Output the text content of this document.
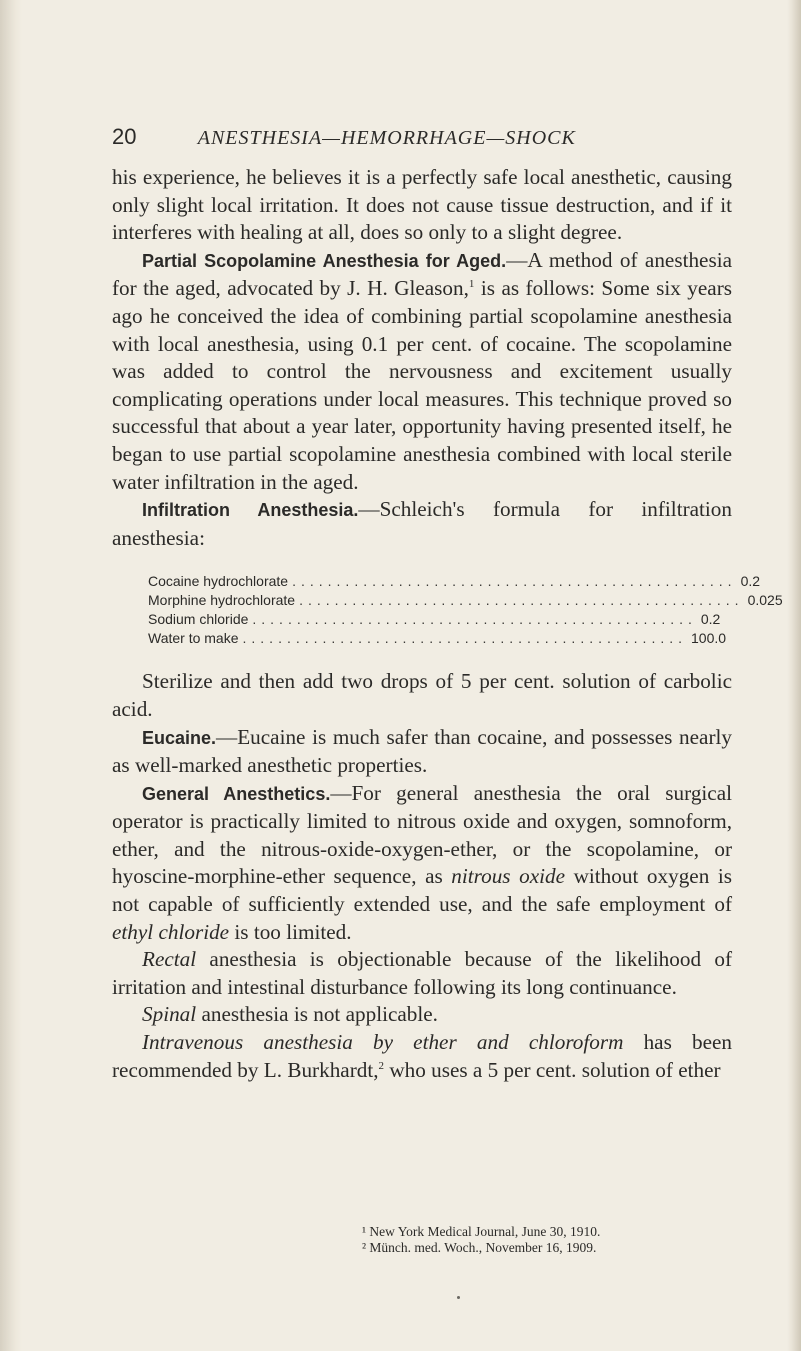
20	ANESTHESIA—HEMORRHAGE—SHOCK

his experience, he believes it is a perfectly safe local anesthetic, causing only slight local irritation. It does not cause tissue destruction, and if it interferes with healing at all, does so only to a slight degree.

Partial Scopolamine Anesthesia for Aged.—A method of anesthesia for the aged, advocated by J. H. Gleason,$^1$ is as follows: Some six years ago he conceived the idea of combining partial scopolamine anesthesia with local anesthesia, using 0.1 per cent. of cocaine. The scopolamine was added to control the nervousness and excitement usually complicating operations under local measures. This technique proved so successful that about a year later, opportunity having presented itself, he began to use partial scopolamine anesthesia combined with local sterile water infiltration in the aged.

Infiltration Anesthesia.—Schleich's formula for infiltration anesthesia:

Cocaine hydrochlorate .................................................. 0.2
Morphine hydrochlorate .................................................. 0.025
Sodium chloride .................................................. 0.2
Water to make .................................................. 100.0

Sterilize and then add two drops of 5 per cent. solution of carbolic acid.

Eucaine.—Eucaine is much safer than cocaine, and possesses nearly as well-marked anesthetic properties.

General Anesthetics.—For general anesthesia the oral surgical operator is practically limited to nitrous oxide and oxygen, somnoform, ether, and the nitrous-oxide-oxygen-ether, or the scopolamine, or hyoscine-morphine-ether sequence, as nitrous oxide without oxygen is not capable of sufficiently extended use, and the safe employment of ethyl chloride is too limited.

Rectal anesthesia is objectionable because of the likelihood of irritation and intestinal disturbance following its long continuance.

Spinal anesthesia is not applicable.

Intravenous anesthesia by ether and chloroform has been recommended by L. Burkhardt,$^2$ who uses a 5 per cent. solution of ether

¹ New York Medical Journal, June 30, 1910.
² Münch. med. Woch., November 16, 1909.
